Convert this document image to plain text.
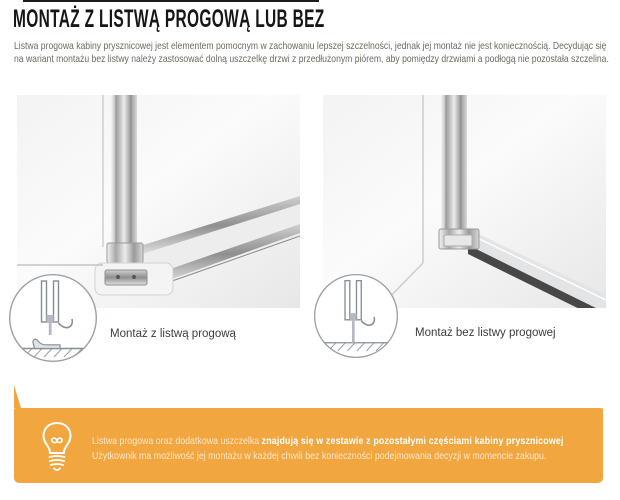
MONTAŻ Z LISTWĄ PROGOWĄ LUB BEZ
Listwa progowa kabiny prysznicowej jest elementem pomocnym w zachowaniu lepszej szczelności, jednak jej montaż nie jest koniecznością. Decydując się
na wariant montażu bez listwy należy zastosować dolną uszczelkę drzwi z przedłużonym piórem, aby pomiędzy drzwiami a podłogą nie pozostała szczelina.
Montaż z listwą progową	Montaż bez listwy progowej
Listwa progowa oraz dodatkowa uszczelka znajdują się w zestawie z pozostałymi częściami kabiny prysznicowej
Użytkownik ma możliwość jej montażu w każdej chwili bez konieczności podejmowania decyzji w momencie zakupu.
